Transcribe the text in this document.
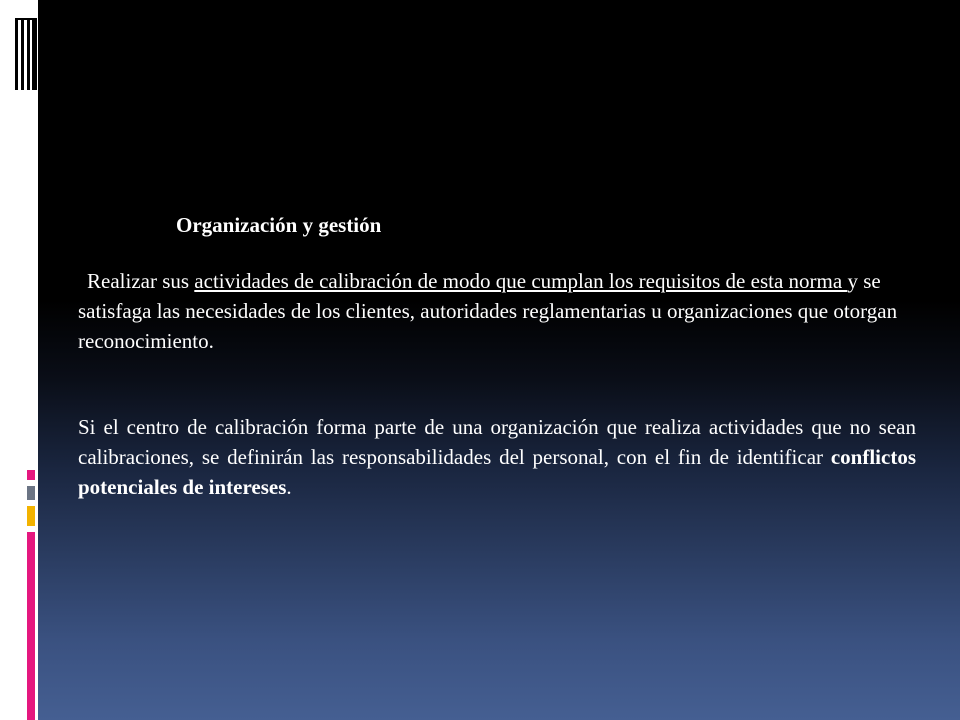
Organización y gestión

Realizar sus actividades de calibración de modo que cumplan los requisitos de esta norma y se satisfaga las necesidades de los clientes, autoridades reglamentarias u organizaciones que otorgan reconocimiento.

Si el centro de calibración forma parte de una organización que realiza actividades que no sean calibraciones, se definirán las responsabilidades del personal, con el fin de identificar conflictos potenciales de intereses.
